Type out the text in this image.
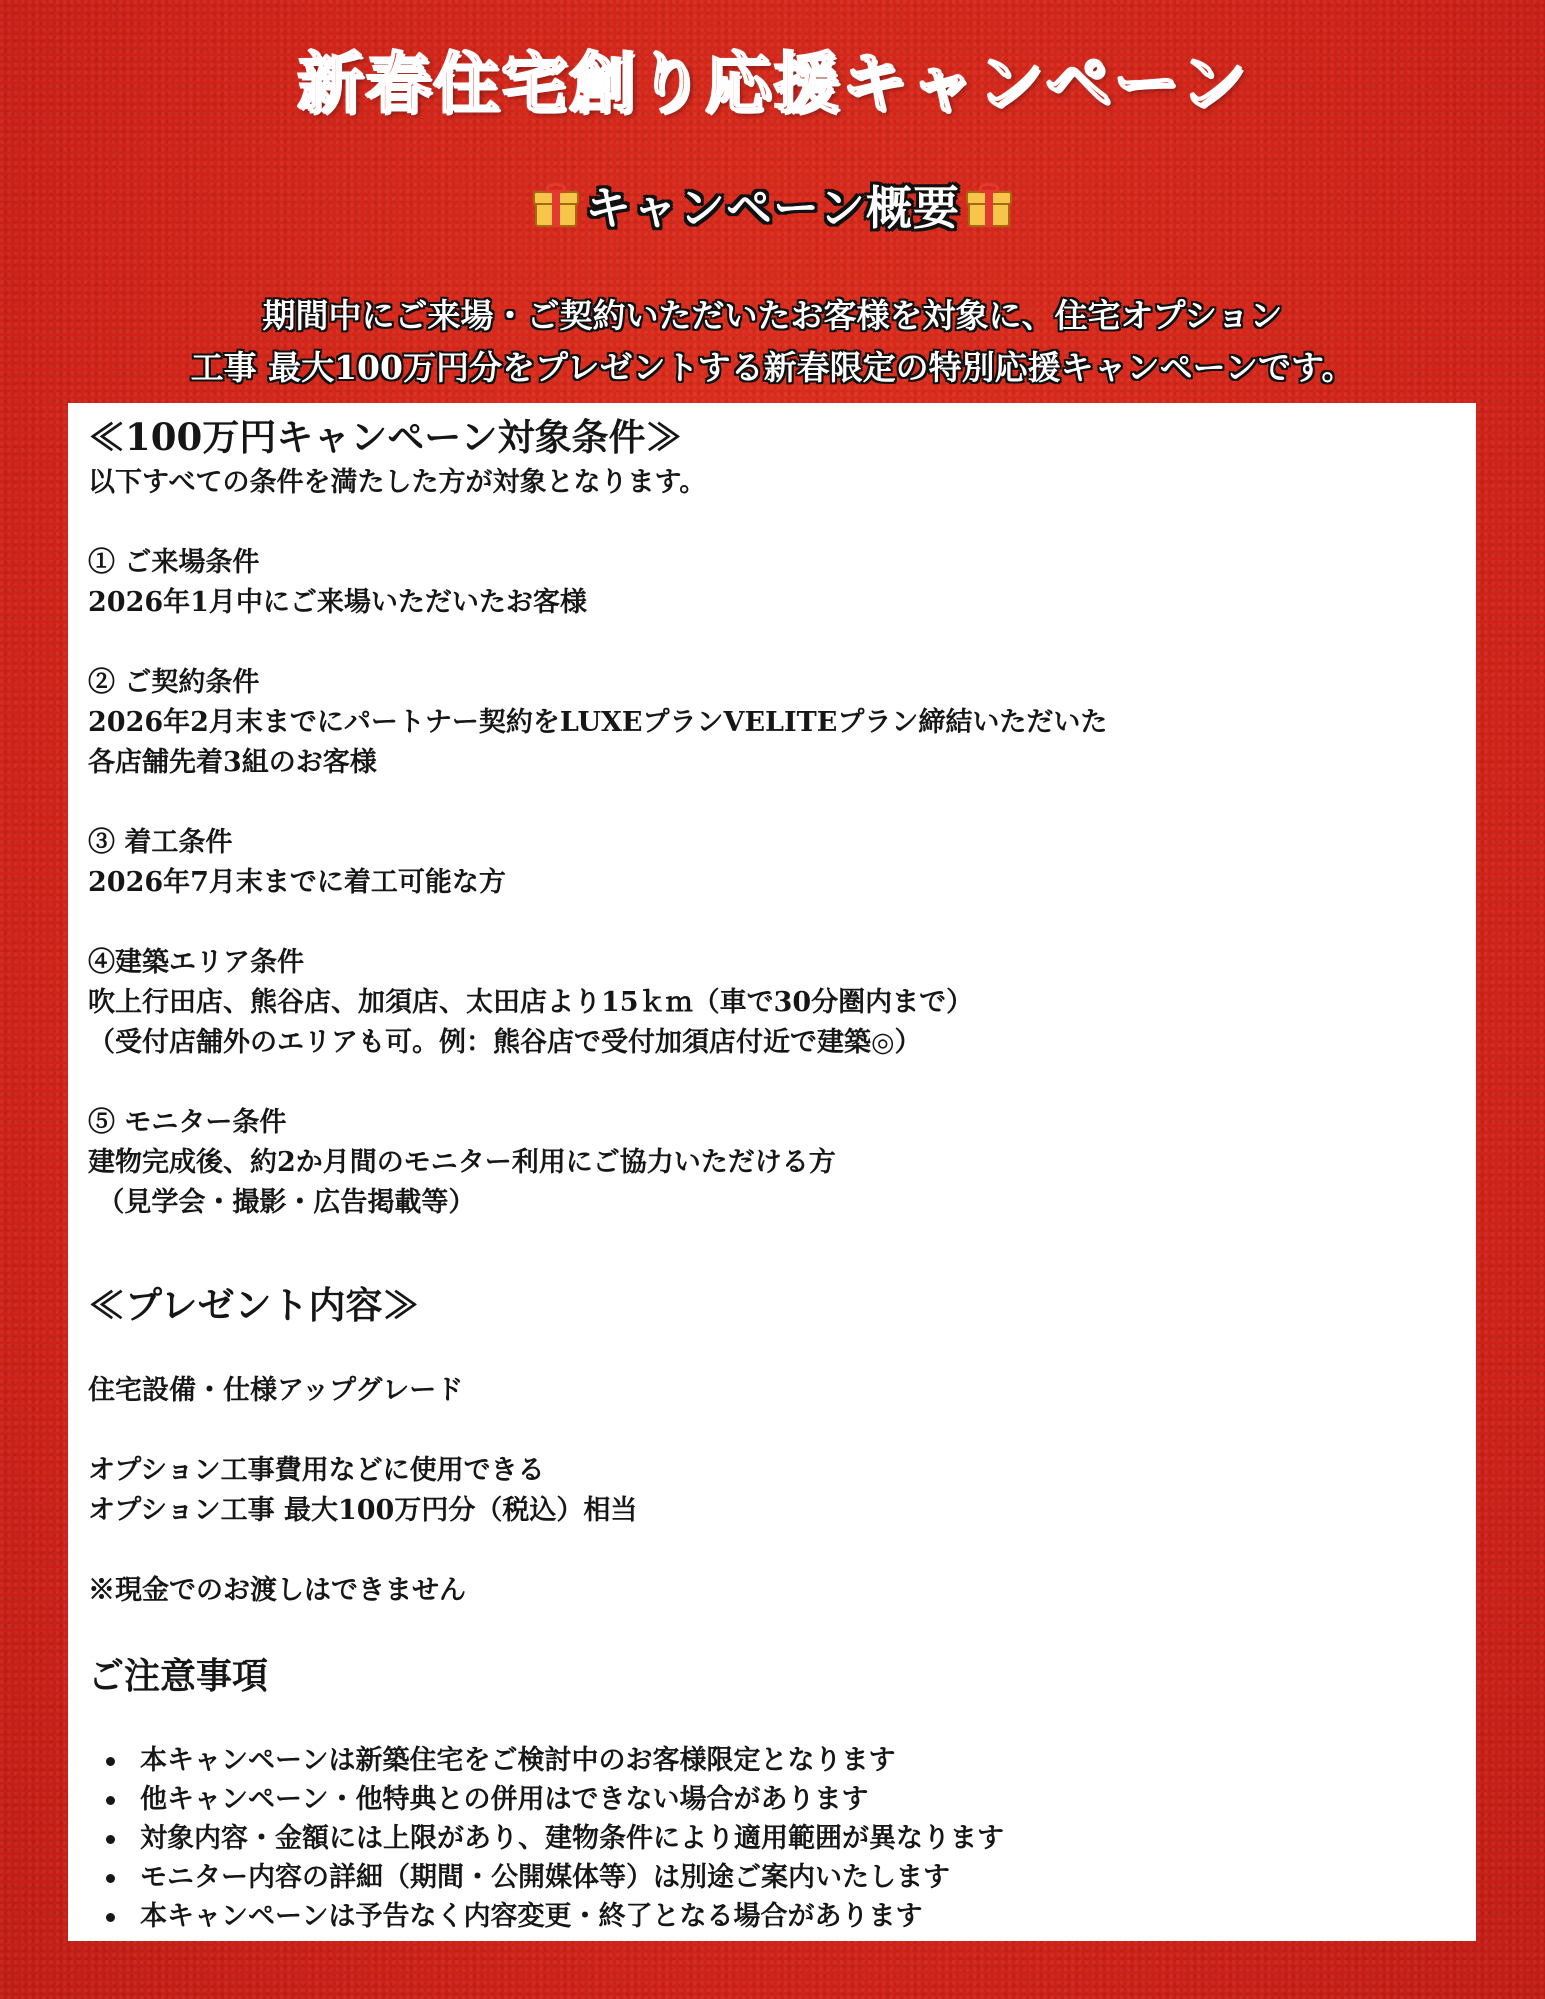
新春住宅創り応援キャンペーン
キャンペーン概要
期間中にご来場・ご契約いただいたお客様を対象に、住宅オプション
工事 最大100万円分をプレゼントする新春限定の特別応援キャンペーンです。

≪100万円キャンペーン対象条件≫

以下すべての条件を満たした方が対象となります。

① ご来場条件

2026年1月中にご来場いただいたお客様

② ご契約条件

2026年2月末までにパートナー契約をLUXEプランVELITEプラン締結いただいた

各店舗先着3組のお客様

③ 着工条件

2026年7月末までに着工可能な方

④建築エリア条件

吹上行田店、熊谷店、加須店、太田店より15ｋｍ（車で30分圏内まで）

（受付店舗外のエリアも可。例：熊谷店で受付加須店付近で建築◎）

⑤ モニター条件

建物完成後、約2か月間のモニター利用にご協力いただける方

（見学会・撮影・広告掲載等）

≪プレゼント内容≫

住宅設備・仕様アップグレード

オプション工事費用などに使用できる

オプション工事 最大100万円分（税込）相当

※現金でのお渡しはできません

ご注意事項

本キャンペーンは新築住宅をご検討中のお客様限定となります
他キャンペーン・他特典との併用はできない場合があります
対象内容・金額には上限があり、建物条件により適用範囲が異なります
モニター内容の詳細（期間・公開媒体等）は別途ご案内いたします
本キャンペーンは予告なく内容変更・終了となる場合があります
